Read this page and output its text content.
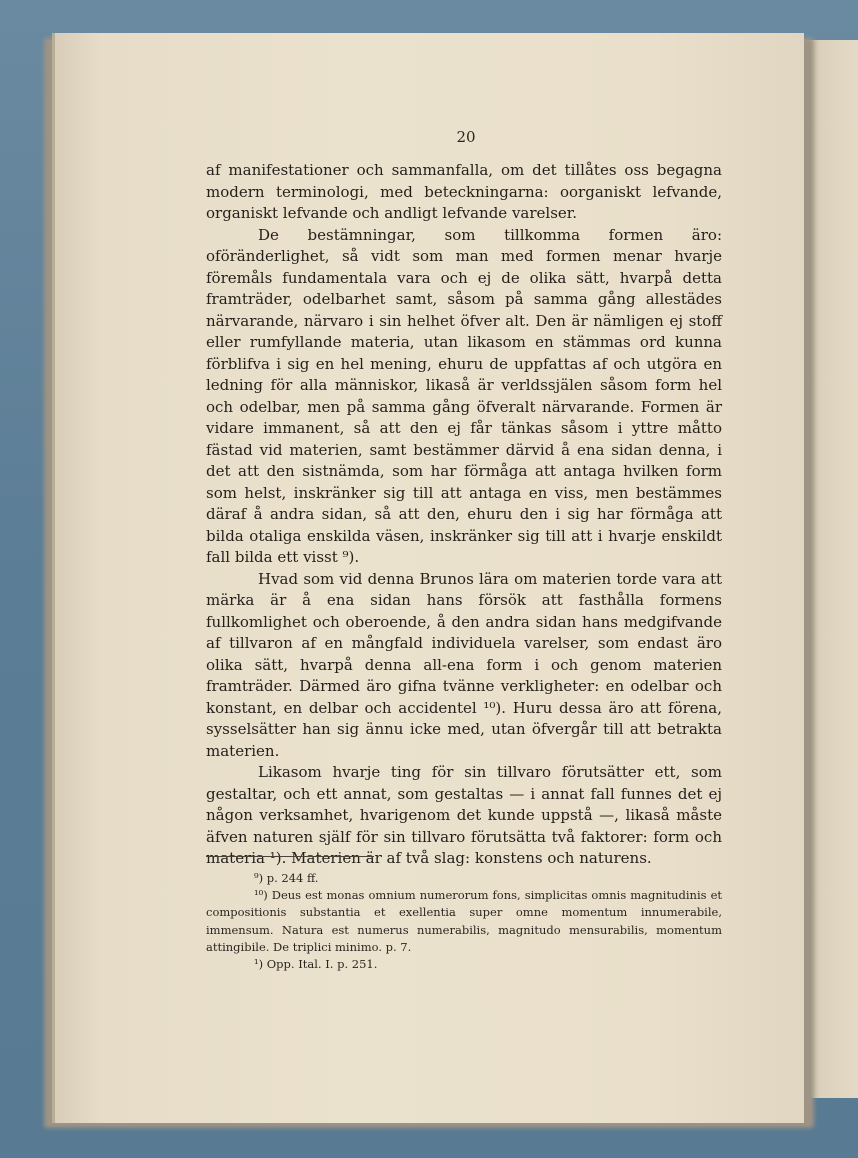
20

af manifestationer och sammanfalla, om det tillåtes oss begagna modern terminologi, med beteckningarna: oorganiskt lefvande, organiskt lefvande och andligt lefvande varelser.

De bestämningar, som tillkomma formen äro: oföränderlighet, så vidt som man med formen menar hvarje föremåls fundamentala vara och ej de olika sätt, hvarpå detta framträder, odelbarhet samt, såsom på samma gång allestädes närvarande, närvaro i sin helhet öfver alt. Den är nämligen ej stoff eller rumfyllande materia, utan likasom en stämmas ord kunna förblifva i sig en hel mening, ehuru de uppfattas af och utgöra en ledning för alla människor, likaså är verldssjälen såsom form hel och odelbar, men på samma gång öfveralt närvarande. Formen är vidare immanent, så att den ej får tänkas såsom i yttre måtto fästad vid materien, samt bestämmer därvid å ena sidan denna, i det att den sistnämda, som har förmåga att antaga hvilken form som helst, inskränker sig till att antaga en viss, men bestämmes däraf å andra sidan, så att den, ehuru den i sig har förmåga att bilda otaliga enskilda väsen, inskränker sig till att i hvarje enskildt fall bilda ett visst ⁹).

Hvad som vid denna Brunos lära om materien torde vara att märka är å ena sidan hans försök att fasthålla formens fullkomlighet och oberoende, å den andra sidan hans medgifvande af tillvaron af en mångfald individuela varelser, som endast äro olika sätt, hvarpå denna all-ena form i och genom materien framträder. Därmed äro gifna tvänne verkligheter: en odelbar och konstant, en delbar och accidentel ¹⁰). Huru dessa äro att förena, sysselsätter han sig ännu icke med, utan öfvergår till att betrakta materien.

Likasom hvarje ting för sin tillvaro förutsätter ett, som gestaltar, och ett annat, som gestaltas — i annat fall funnes det ej någon verksamhet, hvarigenom det kunde uppstå —, likaså måste äfven naturen själf för sin tillvaro förutsätta två faktorer: form och materia ¹). Materien är af två slag: konstens och naturens.

⁹) p. 244 ff.

¹⁰) Deus est monas omnium numerorum fons, simplicitas omnis magnitudinis et compositionis substantia et exellentia super omne momentum innumerabile, immensum. Natura est numerus numerabilis, magnitudo mensurabilis, momentum attingibile. De triplici minimo. p. 7.

¹) Opp. Ital. I. p. 251.
